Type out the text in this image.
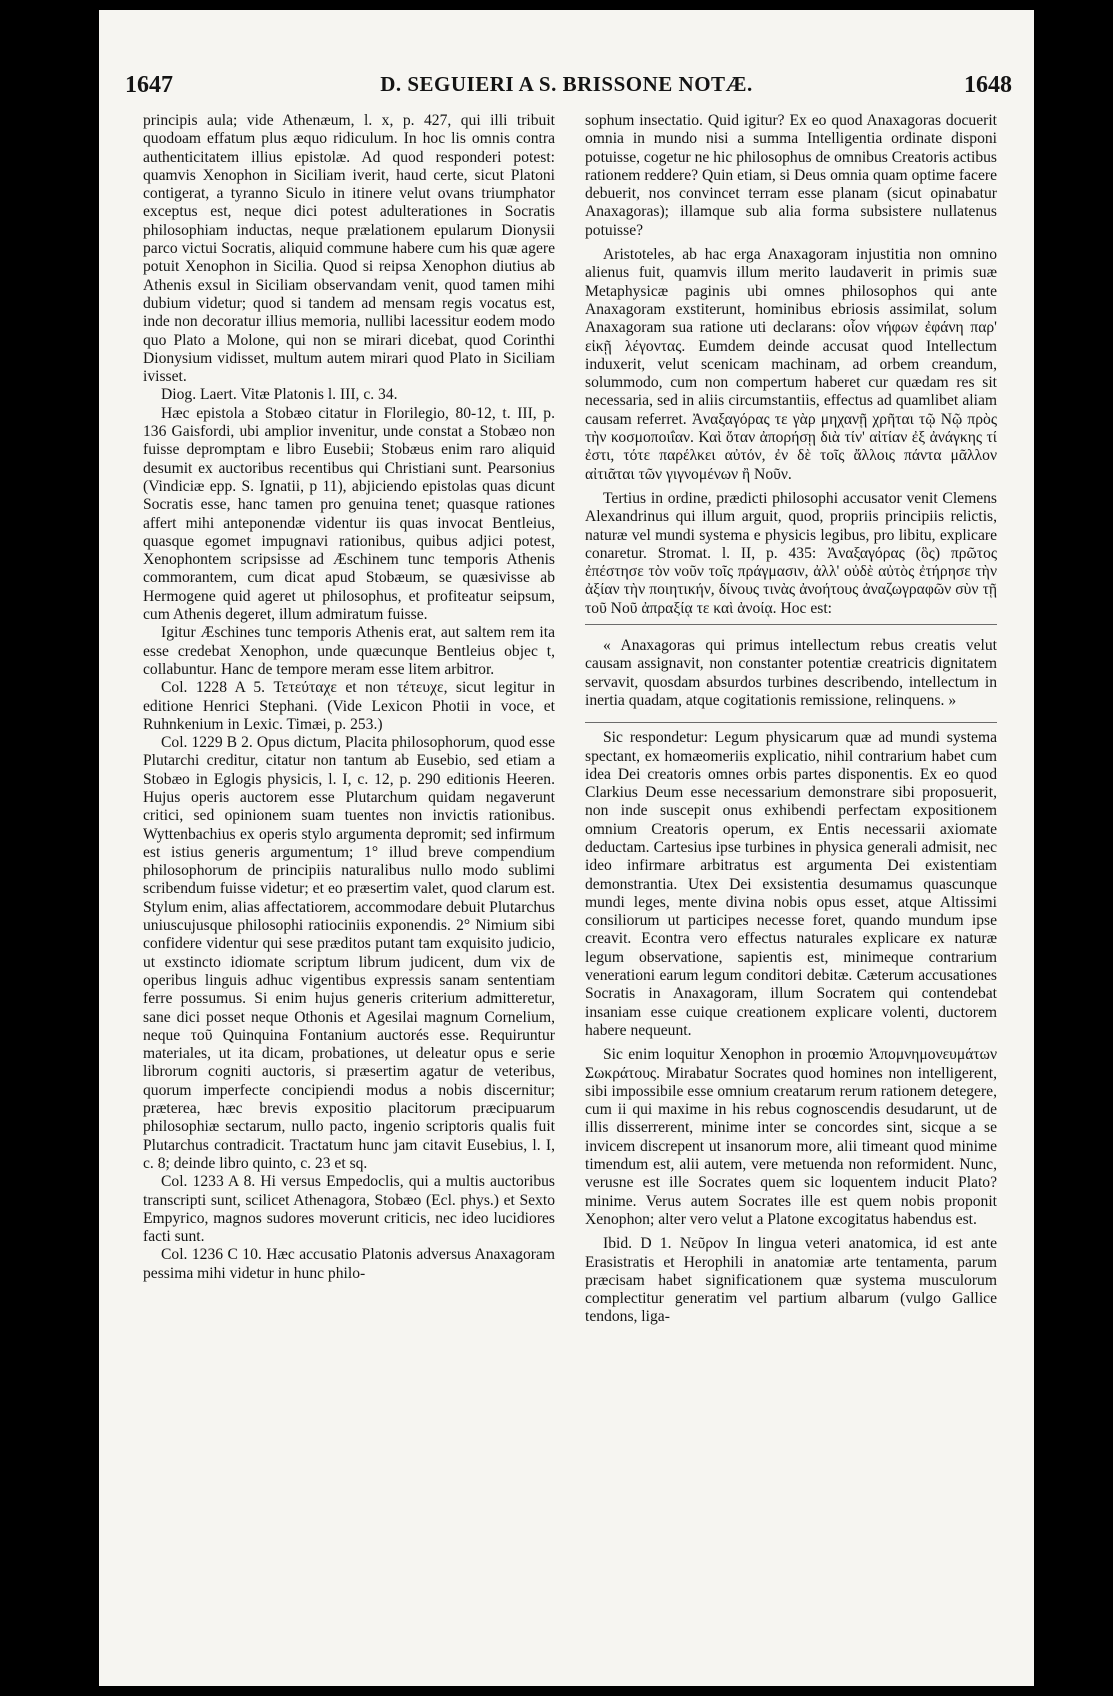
1647	D. SEGUIERI A S. BRISSONE NOTÆ.	1648

principis aula; vide Athenæum, l. x, p. 427, qui illi tribuit quodoam effatum plus æquo ridiculum. In hoc lis omnis contra authenticitatem illius epistolæ. Ad quod responderi potest: quamvis Xenophon in Siciliam iverit, haud certe, sicut Platoni contigerat, a tyranno Siculo in itinere velut ovans triumphator exceptus est, neque dici potest adulterationes in Socratis philosophiam inductas, neque prælationem epularum Dionysii parco victui Socratis, aliquid commune habere cum his quæ agere potuit Xenophon in Sicilia. Quod si reipsa Xenophon diutius ab Athenis exsul in Siciliam observandam venit, quod tamen mihi dubium videtur; quod si tandem ad mensam regis vocatus est, inde non decoratur illius memoria, nullibi lacessitur eodem modo quo Plato a Molone, qui non se mirari dicebat, quod Corinthi Dionysium vidisset, multum autem mirari quod Plato in Siciliam ivisset.

Diog. Laert. Vitæ Platonis l. III, c. 34.

Hæc epistola a Stobæo citatur in Florilegio, 80-12, t. III, p. 136 Gaisfordi, ubi amplior invenitur, unde constat a Stobæo non fuisse depromptam e libro Eusebii; Stobæus enim raro aliquid desumit ex auctoribus recentibus qui Christiani sunt. Pearsonius (Vindiciæ epp. S. Ignatii, p 11), abjiciendo epistolas quas dicunt Socratis esse, hanc tamen pro genuina tenet; quasque rationes affert mihi anteponendæ videntur iis quas invocat Bentleius, quasque egomet impugnavi rationibus, quibus adjici potest, Xenophontem scripsisse ad Æschinem tunc temporis Athenis commorantem, cum dicat apud Stobæum, se quæsivisse ab Hermogene quid ageret ut philosophus, et profiteatur seipsum, cum Athenis degeret, illum admiratum fuisse.

Igitur Æschines tunc temporis Athenis erat, aut saltem rem ita esse credebat Xenophon, unde quæcunque Bentleius objec t, collabuntur. Hanc de tempore meram esse litem arbitror.

Col. 1228 A 5. Τετεύταχε et non τέτευχε, sicut legitur in editione Henrici Stephani. (Vide Lexicon Photii in voce, et Ruhnkenium in Lexic. Timæi, p. 253.)

Col. 1229 B 2. Opus dictum, Placita philosophorum, quod esse Plutarchi creditur, citatur non tantum ab Eusebio, sed etiam a Stobæo in Eglogis physicis, l. I, c. 12, p. 290 editionis Heeren. Hujus operis auctorem esse Plutarchum quidam negaverunt critici, sed opinionem suam tuentes non invictis rationibus. Wyttenbachius ex operis stylo argumenta depromit; sed infirmum est istius generis argumentum; 1° illud breve compendium philosophorum de principiis naturalibus nullo modo sublimi scribendum fuisse videtur; et eo præsertim valet, quod clarum est. Stylum enim, alias affectatiorem, accommodare debuit Plutarchus uniuscujusque philosophi ratiociniis exponendis. 2° Nimium sibi confidere videntur qui sese præditos putant tam exquisito judicio, ut exstincto idiomate scriptum librum judicent, dum vix de operibus linguis adhuc vigentibus expressis sanam sententiam ferre possumus. Si enim hujus generis criterium admitteretur, sane dici posset neque Othonis et Agesilai magnum Cornelium, neque τοῦ Quinquina Fontanium auctorés esse. Requiruntur materiales, ut ita dicam, probationes, ut deleatur opus e serie librorum cogniti auctoris, si præsertim agatur de veteribus, quorum imperfecte concipiendi modus a nobis discernitur; præterea, hæc brevis expositio placitorum præcipuarum philosophiæ sectarum, nullo pacto, ingenio scriptoris qualis fuit Plutarchus contradicit. Tractatum hunc jam citavit Eusebius, l. I, c. 8; deinde libro quinto, c. 23 et sq.

Col. 1233 A 8. Hi versus Empedoclis, qui a multis auctoribus transcripti sunt, scilicet Athenagora, Stobæo (Ecl. phys.) et Sexto Empyrico, magnos sudores moverunt criticis, nec ideo lucidiores facti sunt.

Col. 1236 C 10. Hæc accusatio Platonis adversus Anaxagoram pessima mihi videtur in hunc philo-

sophum insectatio. Quid igitur? Ex eo quod Anaxagoras docuerit omnia in mundo nisi a summa Intelligentia ordinate disponi potuisse, cogetur ne hic philosophus de omnibus Creatoris actibus rationem reddere? Quin etiam, si Deus omnia quam optime facere debuerit, nos convincet terram esse planam (sicut opinabatur Anaxagoras); illamque sub alia forma subsistere nullatenus potuisse?

Aristoteles, ab hac erga Anaxagoram injustitia non omnino alienus fuit, quamvis illum merito laudaverit in primis suæ Metaphysicæ paginis ubi omnes philosophos qui ante Anaxagoram exstiterunt, hominibus ebriosis assimilat, solum Anaxagoram sua ratione uti declarans: οἷον νήφων ἐφάνη παρ' εἰκῇ λέγοντας. Eumdem deinde accusat quod Intellectum induxerit, velut scenicam machinam, ad orbem creandum, solummodo, cum non compertum haberet cur quædam res sit necessaria, sed in aliis circumstantiis, effectus ad quamlibet aliam causam referret. Ἀναξαγόρας τε γὰρ μηχανῇ χρῆται τῷ Νῷ πρὸς τὴν κοσμοποιΐαν. Καὶ ὅταν ἀπορήσῃ διὰ τίν' αἰτίαν ἐξ ἀνάγκης τί ἐστι, τότε παρέλκει αὐτόν, ἐν δὲ τοῖς ἄλλοις πάντα μᾶλλον αἰτιᾶται τῶν γιγνομένων ἢ Νοῦν.

Tertius in ordine, prædicti philosophi accusator venit Clemens Alexandrinus qui illum arguit, quod, propriis principiis relictis, naturæ vel mundi systema e physicis legibus, pro libitu, explicare conaretur. Stromat. l. II, p. 435: Ἀναξαγόρας (ὃς) πρῶτος ἐπέστησε τὸν νοῦν τοῖς πράγμασιν, ἀλλ' οὐδὲ αὐτὸς ἐτήρησε τὴν ἀξίαν τὴν ποιητικήν, δίνους τινὰς ἀνοήτους ἀναζωγραφῶν σὺν τῇ τοῦ Νοῦ ἀπραξίᾳ τε καὶ ἀνοίᾳ. Hoc est:

« Anaxagoras qui primus intellectum rebus creatis velut causam assignavit, non constanter potentiæ creatricis dignitatem servavit, quosdam absurdos turbines describendo, intellectum in inertia quadam, atque cogitationis remissione, relinquens. »

Sic respondetur: Legum physicarum quæ ad mundi systema spectant, ex homæomeriis explicatio, nihil contrarium habet cum idea Dei creatoris omnes orbis partes disponentis. Ex eo quod Clarkius Deum esse necessarium demonstrare sibi proposuerit, non inde suscepit onus exhibendi perfectam expositionem omnium Creatoris operum, ex Entis necessarii axiomate deductam. Cartesius ipse turbines in physica generali admisit, nec ideo infirmare arbitratus est argumenta Dei existentiam demonstrantia. Utex Dei exsistentia desumamus quascunque mundi leges, mente divina nobis opus esset, atque Altissimi consiliorum ut participes necesse foret, quando mundum ipse creavit. Econtra vero effectus naturales explicare ex naturæ legum observatione, sapientis est, minimeque contrarium venerationi earum legum conditori debitæ. Cæterum accusationes Socratis in Anaxagoram, illum Socratem qui contendebat insaniam esse cuique creationem explicare volenti, ductorem habere nequeunt.

Sic enim loquitur Xenophon in proœmio Ἀπομνημονευμάτων Σωκράτους. Mirabatur Socrates quod homines non intelligerent, sibi impossibile esse omnium creatarum rerum rationem detegere, cum ii qui maxime in his rebus cognoscendis desudarunt, ut de illis disserrerent, minime inter se concordes sint, sicque a se invicem discrepent ut insanorum more, alii timeant quod minime timendum est, alii autem, vere metuenda non reformident. Nunc, verusne est ille Socrates quem sic loquentem inducit Plato? minime. Verus autem Socrates ille est quem nobis proponit Xenophon; alter vero velut a Platone excogitatus habendus est.

Ibid. D 1. Νεῦρον In lingua veteri anatomica, id est ante Erasistratis et Herophili in anatomiæ arte tentamenta, parum præcisam habet significationem quæ systema musculorum complectitur generatim vel partium albarum (vulgo Gallice tendons, liga-
